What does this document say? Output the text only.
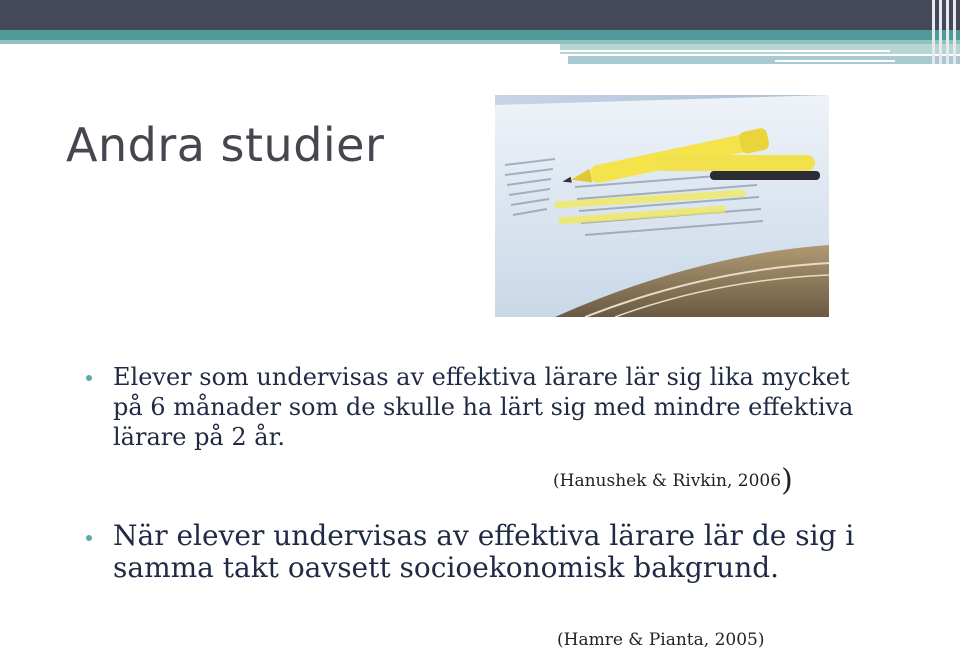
Andra studier
Elever som undervisas av effektiva lärare lär sig lika mycket på 6 månader som de skulle ha lärt sig med mindre effektiva lärare på 2 år.
(Hanushek & Rivkin, 2006)
När elever undervisas av effektiva lärare lär de sig i samma takt oavsett socioekonomisk bakgrund.
(Hamre & Pianta, 2005)
